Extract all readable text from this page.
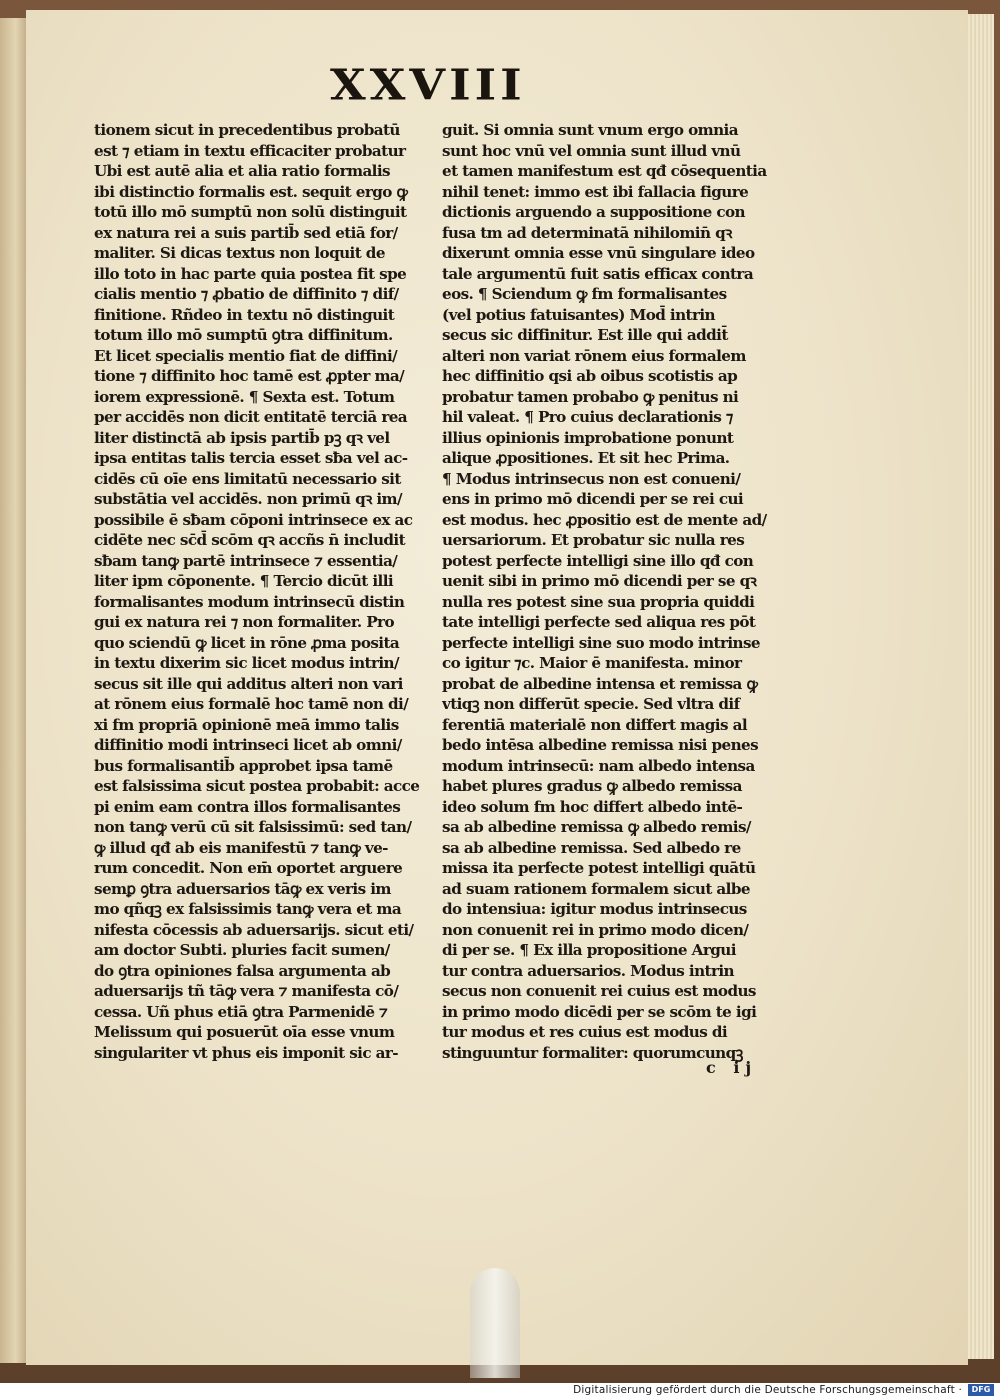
XXVIII
tionem sicut in precedentibus probatū
est ⁊ etiam in textu efficaciter probatur
Ubi est autē alia et alia ratio formalis
ibi distinctio formalis est. sequit ergo ꝙ
totū illo mō sumptū non solū distinguit
ex natura rei a suis partib̄ sed etiā for/
maliter. Si dicas textus non loquit de
illo toto in hac parte quia postea fit spe
cialis mentio ⁊ ꝓbatio de diffinito ⁊ dif/
finitione. Rñdeo in textu nō distinguit
totum illo mō sumptū ꝯtra diffinitum.
Et licet specialis mentio fiat de diffini/
tione ⁊ diffinito hoc tamē est ꝓpter ma/
iorem expressionē. ¶ Sexta est. Totum
per accidēs non dicit entitatē terciā rea
liter distinctā ab ipsis partib̄ pꝫ qꝛ vel
ipsa entitas talis tercia esset sƀa vel ac-
cidēs cū oīe ens limitatū necessario sit
substātia vel accidēs. non primū qꝛ im/
possibile ē sƀam cōponi intrinsece ex ac
cidēte nec sc̄d̄ scōm qꝛ accñs n̄ includit
sƀam tanꝙ partē intrinsece ⁊ essentia/
liter ipm cōponente. ¶ Tercio dicūt illi
formalisantes modum intrinsecū distin
gui ex natura rei ⁊ non formaliter. Pro
quo sciendū ꝙ licet in rōne ꝓma posita
in textu dixerim sic licet modus intrin/
secus sit ille qui additus alteri non vari
at rōnem eius formalē hoc tamē non di/
xi fm propriā opinionē meā immo talis
diffinitio modi intrinseci licet ab omni/
bus formalisantib̄ approbet ipsa tamē
est falsissima sicut postea probabit: acce
pi enim eam contra illos formalisantes
non tanꝙ verū cū sit falsissimū: sed tan/
ꝙ illud qđ ab eis manifestū ⁊ tanꝙ ve-
rum concedit. Non em̄ oportet arguere
semꝑ ꝯtra aduersarios tāꝙ ex veris im
mo qñqꝫ ex falsissimis tanꝙ vera et ma
nifesta cōcessis ab aduersarijs. sicut eti/
am doctor Subti. pluries facit sumen/
do ꝯtra opiniones falsa argumenta ab
aduersarijs tñ tāꝙ vera ⁊ manifesta cō/
cessa. Uñ phus etiā ꝯtra Parmenidē ⁊
Melissum qui posuerūt oīa esse vnum
singulariter vt phus eis imponit sic ar-
guit. Si omnia sunt vnum ergo omnia
sunt hoc vnū vel omnia sunt illud vnū
et tamen manifestum est qđ cōsequentia
nihil tenet: immo est ibi fallacia figure
dictionis arguendo a suppositione con
fusa tm ad determinatā nihilomin̄ qꝛ
dixerunt omnia esse vnū singulare ideo
tale argumentū fuit satis efficax contra
eos. ¶ Sciendum ꝙ fm formalisantes
(vel potius fatuisantes) Mod̄ intrin
secus sic diffinitur. Est ille qui addit̄
alteri non variat rōnem eius formalem
hec diffinitio qsi ab oibus scotistis ap
probatur tamen probabo ꝙ penitus ni
hil valeat. ¶ Pro cuius declarationis ⁊
illius opinionis improbatione ponunt
alique ꝓpositiones. Et sit hec Prima.
¶ Modus intrinsecus non est conueni/
ens in primo mō dicendi per se rei cui
est modus. hec ꝓpositio est de mente ad/
uersariorum. Et probatur sic nulla res
potest perfecte intelligi sine illo qđ con
uenit sibi in primo mō dicendi per se qꝛ
nulla res potest sine sua propria quiddi
tate intelligi perfecte sed aliqua res pōt
perfecte intelligi sine suo modo intrinse
co igitur ⁊c. Maior ē manifesta. minor
probat de albedine intensa et remissa ꝙ
vtiqꝫ non differūt specie. Sed vltra dif
ferentiā materialē non differt magis al
bedo intēsa albedine remissa nisi penes
modum intrinsecū: nam albedo intensa
habet plures gradus ꝙ albedo remissa
ideo solum fm hoc differt albedo intē-
sa ab albedine remissa ꝙ albedo remis/
sa ab albedine remissa. Sed albedo re
missa ita perfecte potest intelligi quātū
ad suam rationem formalem sicut albe
do intensiua: igitur modus intrinsecus
non conuenit rei in primo modo dicen/
di per se. ¶ Ex illa propositione Argui
tur contra aduersarios. Modus intrin
secus non conuenit rei cuius est modus
in primo modo dicēdi per se scōm te igi
tur modus et res cuius est modus di
stinguuntur formaliter: quorumcunqꝫ
c ij
Digitalisierung gefördert durch die Deutsche Forschungsgemeinschaft ·	DFG
